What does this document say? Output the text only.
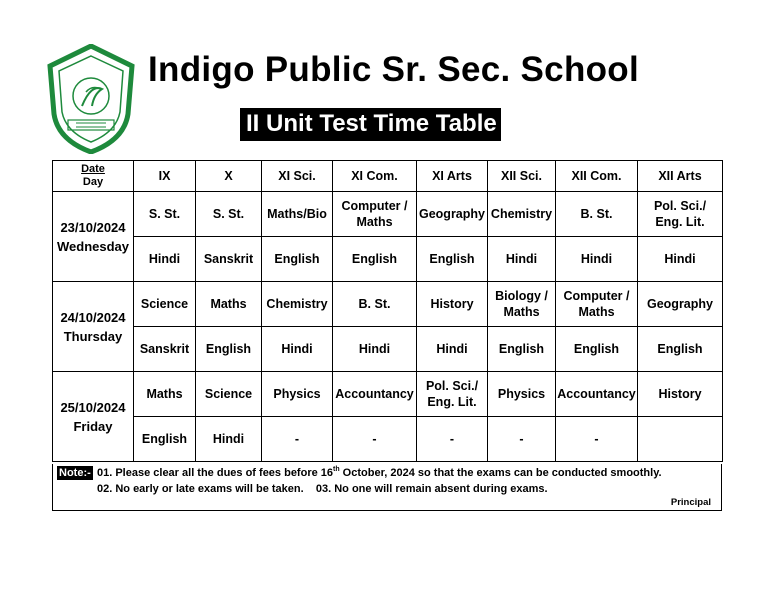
Indigo Public Sr. Sec. School
II Unit Test Time Table
Date
Day	IX	X	XI Sci.	XI Com.	XI Arts	XII Sci.	XII Com.	XII Arts
23/10/2024
Wednesday	S. St.	S. St.	Maths/Bio	Computer / Maths	Geography	Chemistry	B. St.	Pol. Sci./ Eng. Lit.
	Hindi	Sanskrit	English	English	English	Hindi	Hindi	Hindi
24/10/2024
Thursday	Science	Maths	Chemistry	B. St.	History	Biology / Maths	Computer / Maths	Geography
	Sanskrit	English	Hindi	Hindi	Hindi	English	English	English
25/10/2024
Friday	Maths	Science	Physics	Accountancy	Pol. Sci./ Eng. Lit.	Physics	Accountancy	History
	English	Hindi	-	-	-	-	-	
Note:- 01. Please clear all the dues of fees before 16th October, 2024 so that the exams can be conducted smoothly.
02. No early or late exams will be taken.    03. No one will remain absent during exams.
Principal
